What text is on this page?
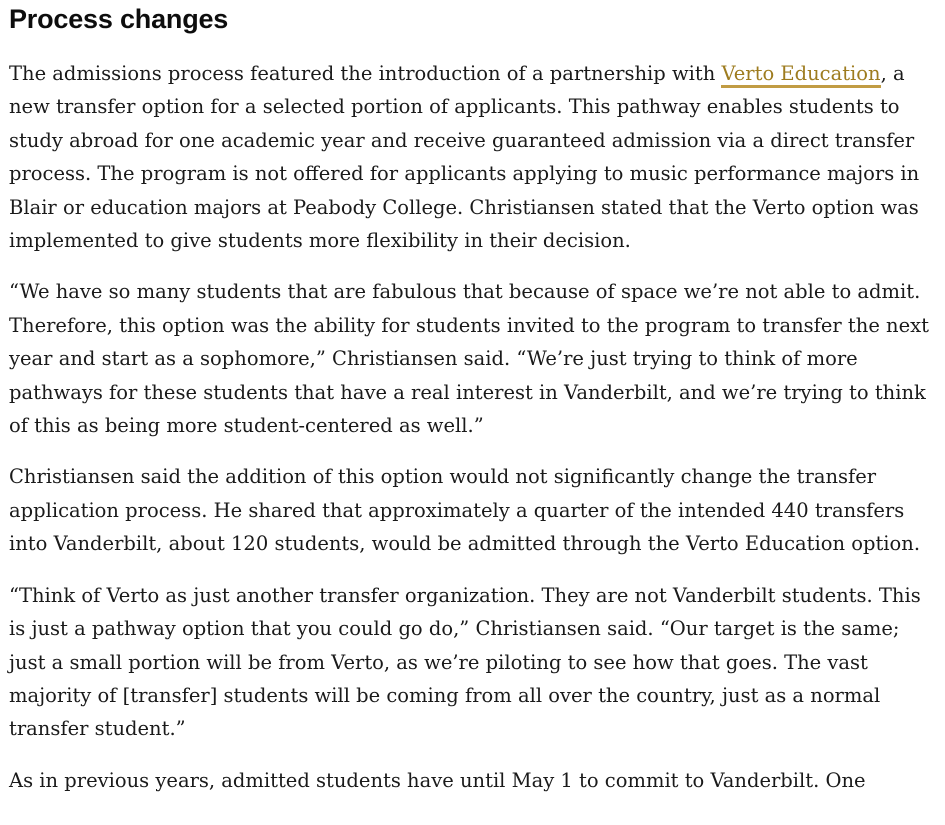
Process changes

The admissions process featured the introduction of a partnership with Verto Education, a new transfer option for a selected portion of applicants. This pathway enables students to study abroad for one academic year and receive guaranteed admission via a direct transfer process. The program is not offered for applicants applying to music performance majors in Blair or education majors at Peabody College. Christiansen stated that the Verto option was implemented to give students more flexibility in their decision.

“We have so many students that are fabulous that because of space we’re not able to admit. Therefore, this option was the ability for students invited to the program to transfer the next year and start as a sophomore,” Christiansen said. “We’re just trying to think of more pathways for these students that have a real interest in Vanderbilt, and we’re trying to think of this as being more student-centered as well.”

Christiansen said the addition of this option would not significantly change the transfer application process. He shared that approximately a quarter of the intended 440 transfers into Vanderbilt, about 120 students, would be admitted through the Verto Education option.

“Think of Verto as just another transfer organization. They are not Vanderbilt students. This is just a pathway option that you could go do,” Christiansen said. “Our target is the same; just a small portion will be from Verto, as we’re piloting to see how that goes. The vast majority of [transfer] students will be coming from all over the country, just as a normal transfer student.”

As in previous years, admitted students have until May 1 to commit to Vanderbilt. One
